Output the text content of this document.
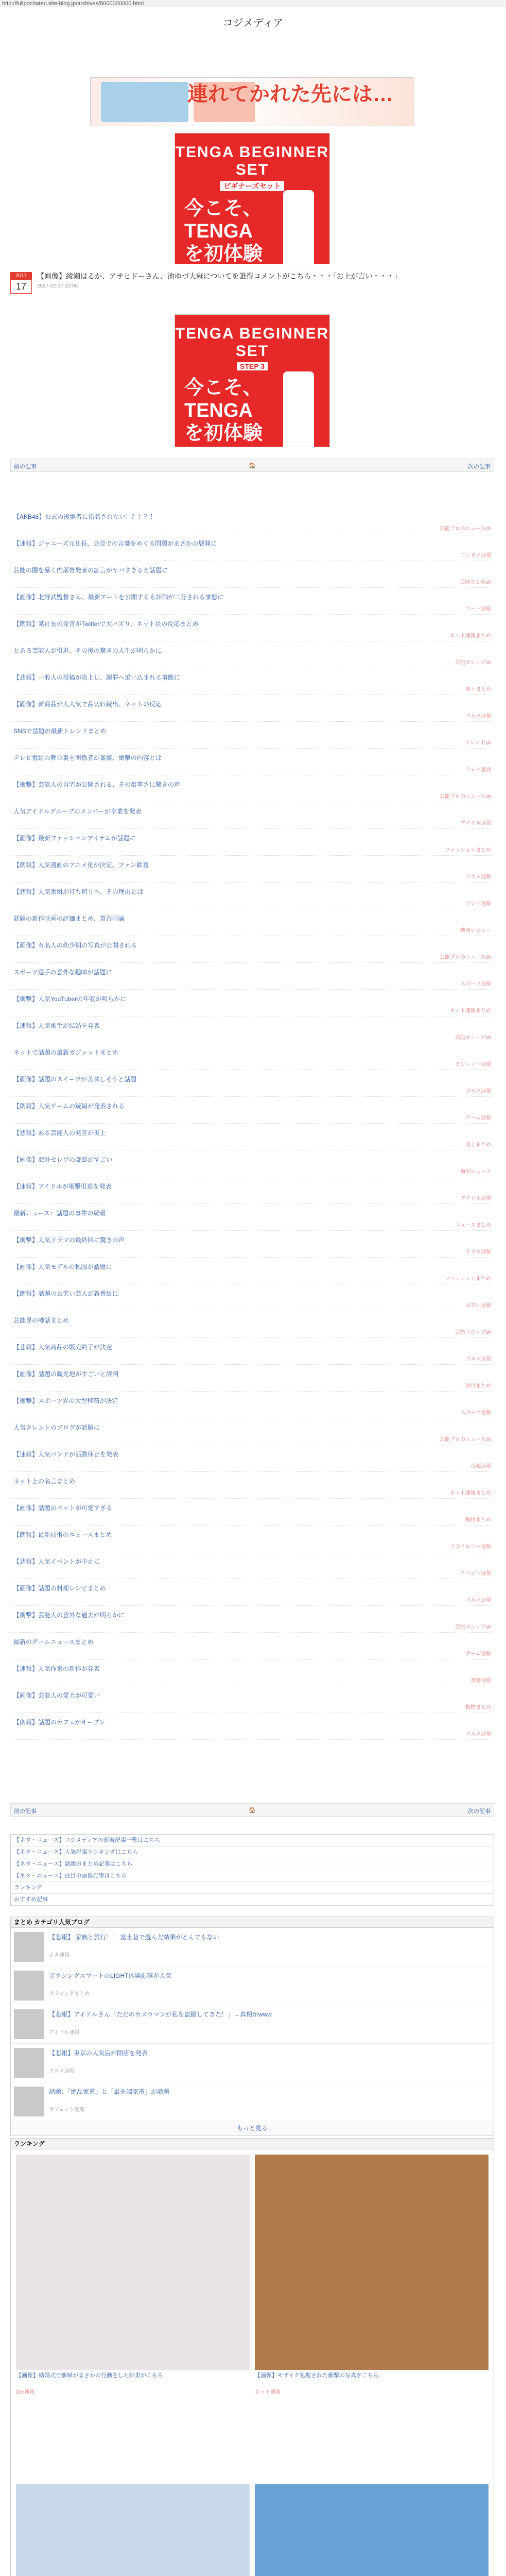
http://fullpochaten.site-blog.jp/archives/8000000000.html
コジメディア
連れてかれた先には…
TENGA BEGINNER SET
ビギナーズセット
今こそ、TENGAを初体験
2017
17
【画像】綾瀬はるか、アサヒドーさん、池ゆづ大麻についてを誰得コメントがこちら・・・「お上が言い・・・」
2017-02-17 20:00
TENGA BEGINNER SET
STEP 3
今こそ、TENGAを初体験
前の記事	🏠	次の記事
【AKB48】公式の後継者に指名されない！？！？！
芸能プロのニュースch
【速報】ジャニーズ元社長、会見での言葉をめぐる問題がまさかの展開に
エンタメ速報
芸能の闇を暴く内部告発者の証言がヤバすぎると話題に
芸能まとめch
【画像】北野武監督さん、最新アートを公開するも評価が二分される事態に
アート速報
【朗報】某社長の発言がTwitterで大バズり、ネット民の反応まとめ
ネット速報まとめ
とある芸能人が引退、その後の驚きの人生が明らかに
芸能ゴシップch
【悲報】一般人の投稿が炎上し、謝罪へ追い込まれる事態に
炎上まとめ
【画像】新商品が大人気で品切れ続出、ネットの反応
グルメ速報
SNSで話題の最新トレンドまとめ
トレンドch
テレビ番組の舞台裏を関係者が暴露、衝撃の内容とは
テレビ裏話
【衝撃】芸能人の自宅が公開される、その豪華さに驚きの声
芸能プロのニュースch
人気アイドルグループのメンバーが卒業を発表
アイドル速報
【画像】最新ファッションアイテムが話題に
ファッションまとめ
【朗報】人気漫画のアニメ化が決定、ファン歓喜
アニメ速報
【悲報】人気番組が打ち切りへ、その理由とは
テレビ速報
話題の新作映画の評価まとめ、賛否両論
映画レビュー
【画像】有名人の幼少期の写真が公開される
芸能プロのニュースch
スポーツ選手の意外な趣味が話題に
スポーツ速報
【衝撃】人気YouTuberの年収が明らかに
ネット速報まとめ
【速報】人気歌手が結婚を発表
芸能ゴシップch
ネットで話題の最新ガジェットまとめ
ガジェット速報
【画像】話題のスイーツが美味しそうと話題
グルメ速報
【朗報】人気ゲームの続編が発表される
ゲーム速報
【悲報】ある芸能人の発言が炎上
炎上まとめ
【画像】海外セレブの豪邸がすごい
海外ニュース
【速報】アイドルが電撃引退を発表
アイドル速報
最新ニュース：話題の事件の続報
ニュースまとめ
【衝撃】人気ドラマの最終回に驚きの声
ドラマ速報
【画像】人気モデルの私服が話題に
ファッションまとめ
【朗報】話題のお笑い芸人が新番組に
お笑い速報
芸能界の噂話まとめ
芸能ゴシップch
【悲報】人気商品の販売終了が決定
グルメ速報
【画像】話題の観光地がすごいと評判
旅行まとめ
【衝撃】スポーツ界の大型移籍が決定
スポーツ速報
人気タレントのブログが話題に
芸能プロのニュースch
【速報】人気バンドが活動休止を発表
音楽速報
ネット上の名言まとめ
ネット速報まとめ
【画像】話題のペットが可愛すぎる
動物まとめ
【朗報】最新技術のニュースまとめ
テクノロジー速報
【悲報】人気イベントが中止に
イベント速報
【画像】話題の料理レシピまとめ
グルメ速報
【衝撃】芸能人の意外な過去が明らかに
芸能ゴシップch
最新のゲームニュースまとめ
ゲーム速報
【速報】人気作家の新作が発表
書籍速報
【画像】芸能人の愛犬が可愛い
動物まとめ
【朗報】話題のカフェがオープン
グルメ速報
前の記事	🏠	次の記事
【ネタ・ニュース】コジメディアの新着記事一覧はこちら
【ネタ・ニュース】人気記事ランキングはこちら
【ネタ・ニュース】話題のまとめ記事はこちら
【ネタ・ニュース】注目の画像記事はこちら
ランキング
おすすめ記事
まとめ カテゴリ人気ブログ
【悲報】 家族と旅行！！ 富士急で遊んだ結果がとんでもない
ネタ速報
ボクシングスマートのLIGHT体験記事が人気
ボクシングまとめ
【悲報】アイドルさん「ただのカメラマンが私を盗撮してきた！」→真相がwww
アイドル速報
【悲報】東京の人気店が閉店を発表
グルメ速報
話題：「絶品家電」と「最先端家電」が話題
ガジェット速報
もっと見る
ランキング
【画像】結婚式で新婦がまさかの行動をした結果がこちら
2ch速報
【画像】モザイク処理された衝撃の写真がこちら
ネット速報
